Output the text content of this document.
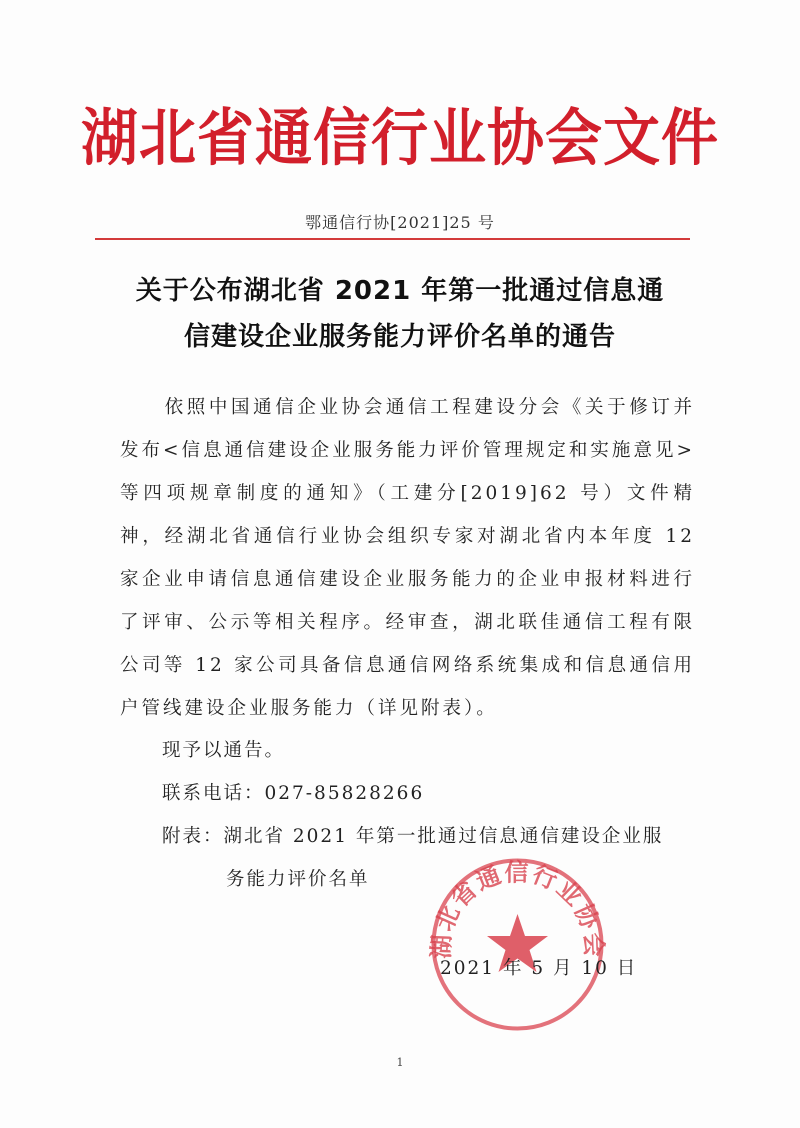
湖北省通信行业协会文件
鄂通信行协[2021]25 号
关于公布湖北省 2021 年第一批通过信息通
信建设企业服务能力评价名单的通告
依照中国通信企业协会通信工程建设分会《关于修订并发布<信息通信建设企业服务能力评价管理规定和实施意见>等四项规章制度的通知》（工建分[2019]62 号）文件精神，经湖北省通信行业协会组织专家对湖北省内本年度 12 家企业申请信息通信建设企业服务能力的企业申报材料进行了评审、公示等相关程序。经审查，湖北联佳通信工程有限公司等 12 家公司具备信息通信网络系统集成和信息通信用户管线建设企业服务能力（详见附表）。
现予以通告。
联系电话：027-85828266
附表：湖北省 2021 年第一批通过信息通信建设企业服
务能力评价名单
湖北省通信行业协会
2021 年 5 月 10 日
1
